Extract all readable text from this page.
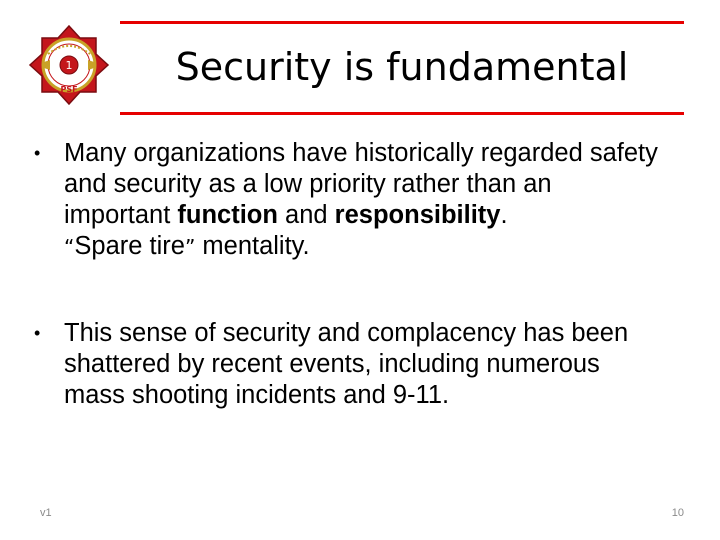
1
PSF
Security is fundamental
• Many organizations have historically regarded safety and security as a low priority rather than an important function and responsibility.
“Spare tire” mentality.
• This sense of security and complacency has been shattered by recent events, including numerous mass shooting incidents and 9-11.
v1	10
